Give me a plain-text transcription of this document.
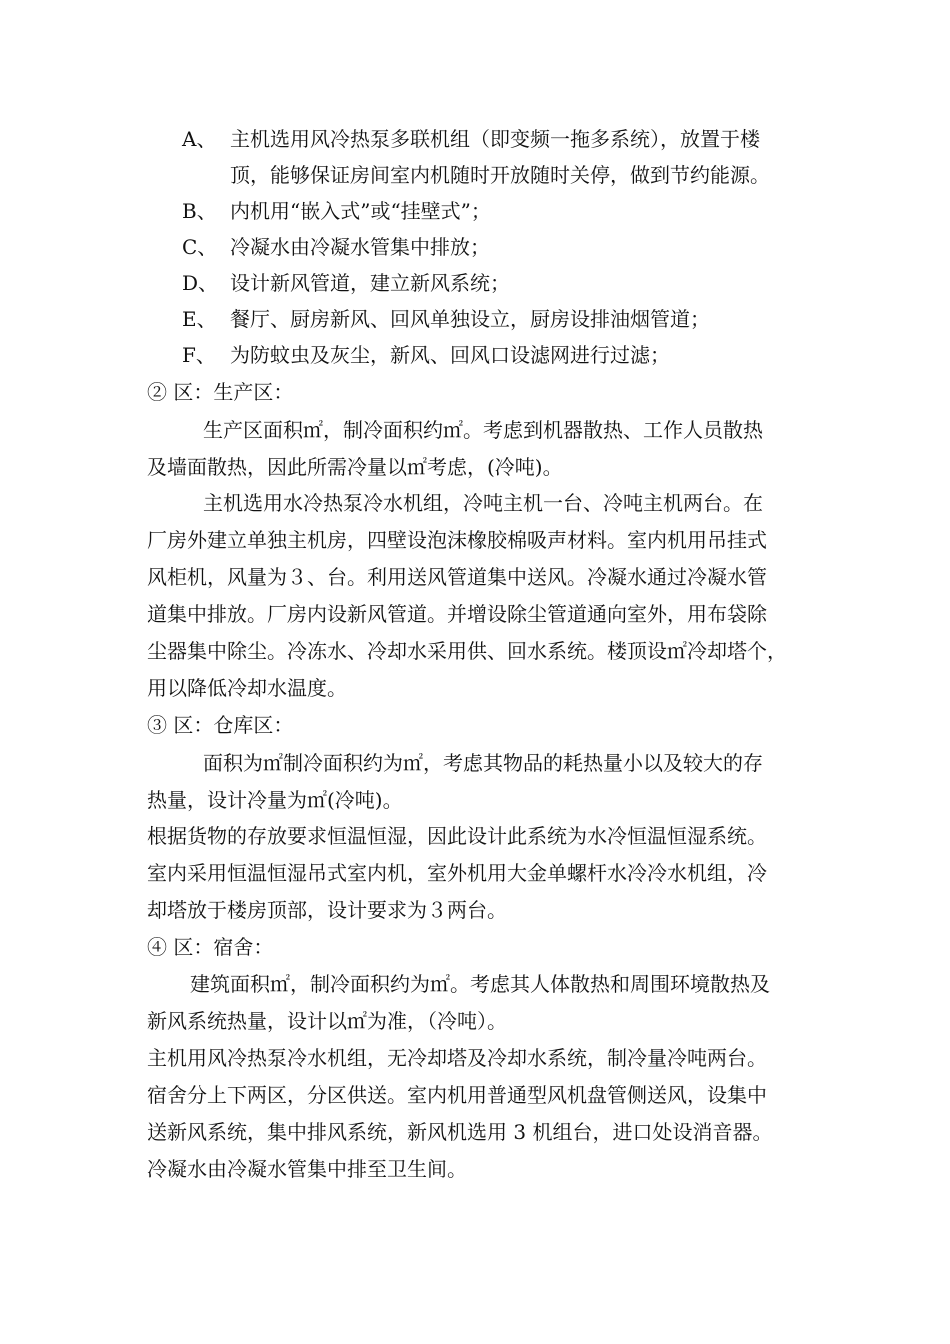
A、 主机选用风冷热泵多联机组（即变频一拖多系统），放置于楼
顶，能够保证房间室内机随时开放随时关停，做到节约能源。
B、 内机用“嵌入式”或“挂壁式”；
C、 冷凝水由冷凝水管集中排放；
D、 设计新风管道，建立新风系统；
E、 餐厅、厨房新风、回风单独设立，厨房设排油烟管道；
F、 为防蚊虫及灰尘，新风、回风口设滤网进行过滤；
② 区：生产区：
生产区面积㎡，制冷面积约㎡。考虑到机器散热、工作人员散热
及墙面散热，因此所需冷量以㎡考虑，(冷吨)。
主机选用水冷热泵冷水机组，冷吨主机一台、冷吨主机两台。在
厂房外建立单独主机房，四壁设泡沫橡胶棉吸声材料。室内机用吊挂式
风柜机，风量为３、台。利用送风管道集中送风。冷凝水通过冷凝水管
道集中排放。厂房内设新风管道。并增设除尘管道通向室外，用布袋除
尘器集中除尘。冷冻水、冷却水采用供、回水系统。楼顶设㎡冷却塔个，
用以降低冷却水温度。
③ 区：仓库区：
面积为㎡制冷面积约为㎡，考虑其物品的耗热量小以及较大的存
热量，设计冷量为㎡(冷吨)。
根据货物的存放要求恒温恒湿，因此设计此系统为水冷恒温恒湿系统。
室内采用恒温恒湿吊式室内机，室外机用大金单螺杆水冷冷水机组，冷
却塔放于楼房顶部，设计要求为３两台。
④ 区：宿舍：
建筑面积㎡，制冷面积约为㎡。考虑其人体散热和周围环境散热及
新风系统热量，设计以㎡为准，（冷吨）。
主机用风冷热泵冷水机组，无冷却塔及冷却水系统，制冷量冷吨两台。
宿舍分上下两区，分区供送。室内机用普通型风机盘管侧送风，设集中
送新风系统，集中排风系统，新风机选用 3 机组台，进口处设消音器。
冷凝水由冷凝水管集中排至卫生间。
